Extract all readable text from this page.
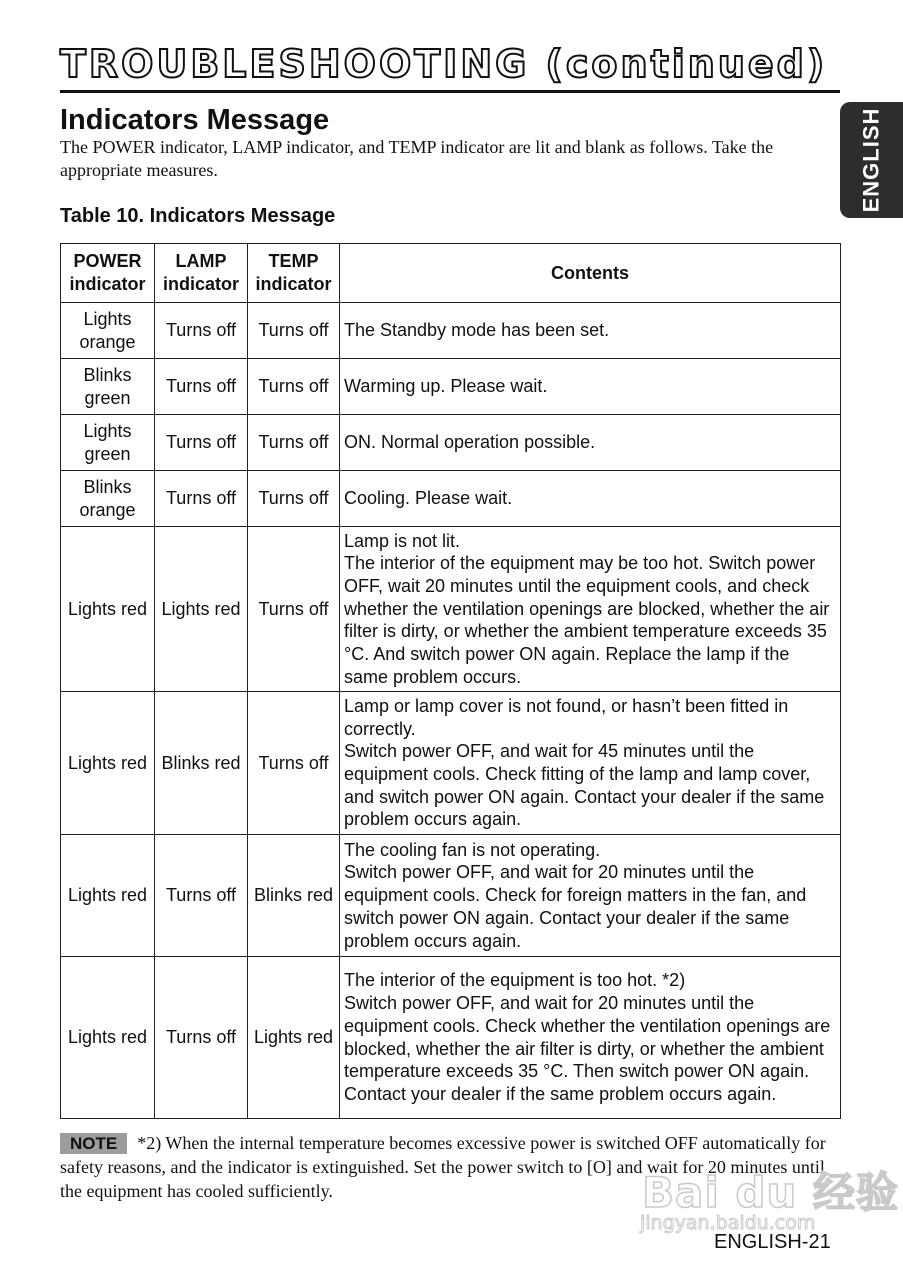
TROUBLESHOOTING (continued)
ENGLISH
Indicators Message

The POWER indicator, LAMP indicator, and TEMP indicator are lit and blank as follows. Take the appropriate measures.

Table 10. Indicators Message
POWER indicator	LAMP indicator	TEMP indicator	Contents
Lights orange	Turns off	Turns off	The Standby mode has been set.

Blinks green	Turns off	Turns off	Warming up. Please wait.

Lights green	Turns off	Turns off	ON. Normal operation possible.

Blinks orange	Turns off	Turns off	Cooling. Please wait.

Lights red	Lights red	Turns off	Lamp is not lit.
The interior of the equipment may be too hot. Switch power OFF, wait 20 minutes until the equipment cools, and check whether the ventilation openings are blocked, whether the air filter is dirty, or whether the ambient temperature exceeds 35 °C. And switch power ON again. Replace the lamp if the same problem occurs.

Lights red	Blinks red	Turns off	Lamp or lamp cover is not found, or hasn’t been fitted in correctly.
Switch power OFF, and wait for 45 minutes until the equipment cools. Check fitting of the lamp and lamp cover, and switch power ON again. Contact your dealer if the same problem occurs again.

Lights red	Turns off	Blinks red	The cooling fan is not operating.
Switch power OFF, and wait for 20 minutes until the equipment cools. Check for foreign matters in the fan, and switch power ON again. Contact your dealer if the same problem occurs again.

Lights red	Turns off	Lights red	The interior of the equipment is too hot. *2)
Switch power OFF, and wait for 20 minutes until the equipment cools. Check whether the ventilation openings are blocked, whether the air filter is dirty, or whether the ambient temperature exceeds 35 °C. Then switch power ON again. Contact your dealer if the same problem occurs again.

NOTE *2) When the internal temperature becomes excessive power is switched OFF automatically for safety reasons, and the indicator is extinguished. Set the power switch to [O] and wait for 20 minutes until the equipment has cooled sufficiently.	Bai du 经验
jingyan.baidu.com

ENGLISH-21
